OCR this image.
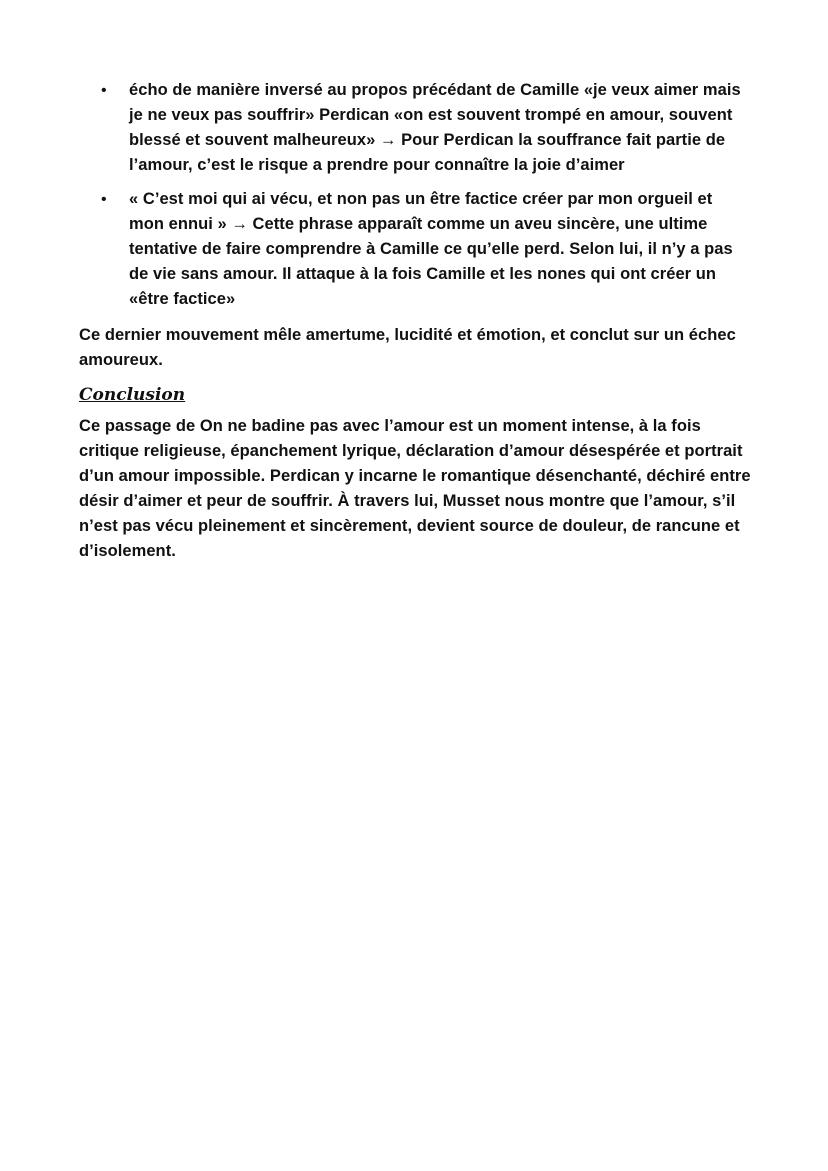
• écho de manière inversé au propos précédant de Camille «je veux aimer mais je ne veux pas souffrir» Perdican «on est souvent trompé en amour, souvent blessé et souvent malheureux» → Pour Perdican la souffrance fait partie de l’amour, c’est le risque a prendre pour connaître la joie d’aimer
• « C’est moi qui ai vécu, et non pas un être factice créer par mon orgueil et mon ennui » → Cette phrase apparaît comme un aveu sincère, une ultime tentative de faire comprendre à Camille ce qu’elle perd. Selon lui, il n’y a pas de vie sans amour. Il attaque à la fois Camille et les nones qui ont créer un «être factice»

Ce dernier mouvement mêle amertume, lucidité et émotion, et conclut sur un échec amoureux.

Conclusion

Ce passage de On ne badine pas avec l’amour est un moment intense, à la fois critique religieuse, épanchement lyrique, déclaration d’amour désespérée et portrait d’un amour impossible. Perdican y incarne le romantique désenchanté, déchiré entre désir d’aimer et peur de souffrir. À travers lui, Musset nous montre que l’amour, s’il n’est pas vécu pleinement et sincèrement, devient source de douleur, de rancune et d’isolement.
